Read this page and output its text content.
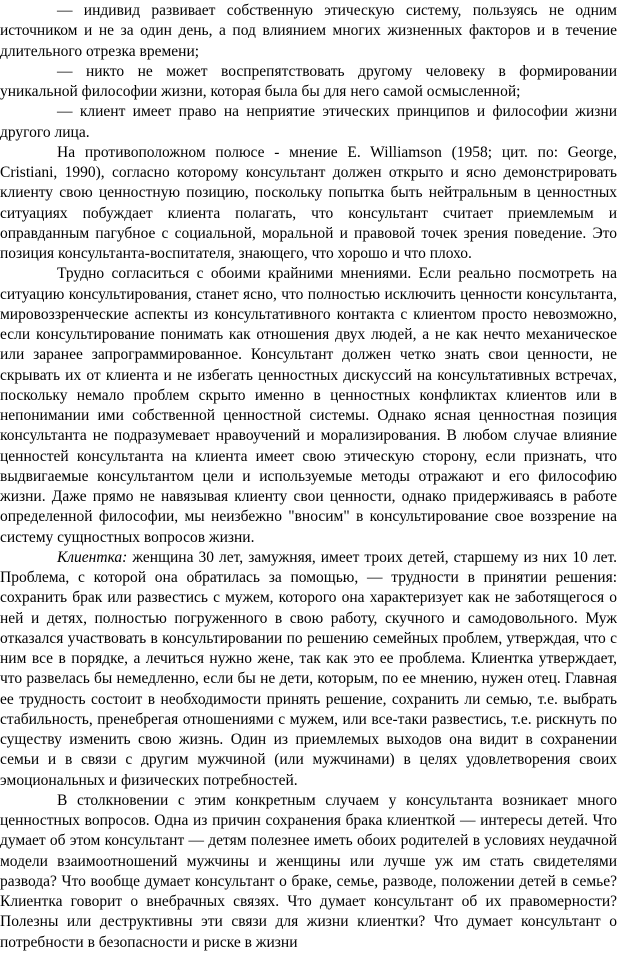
— индивид развивает собственную этическую систему, пользуясь не одним источником и не за один день, а под влиянием многих жизненных факторов и в течение длительного отрезка времени;

— никто не может воспрепятствовать другому человеку в формировании уникальной философии жизни, которая была бы для него самой осмысленной;

— клиент имеет право на неприятие этических принципов и философии жизни другого лица.

На противоположном полюсе - мнение E. Williamson (1958; цит. по: George, Cristiani, 1990), согласно которому консультант должен открыто и ясно демонстрировать клиенту свою ценностную позицию, поскольку попытка быть нейтральным в ценностных ситуациях побуждает клиента полагать, что консультант считает приемлемым и оправданным пагубное с социальной, моральной и правовой точек зрения поведение. Это позиция консультанта-воспитателя, знающего, что хорошо и что плохо.

Трудно согласиться с обоими крайними мнениями. Если реально посмотреть на ситуацию консультирования, станет ясно, что полностью исключить ценности консультанта, мировоззренческие аспекты из консультативного контакта с клиентом просто невозможно, если консультирование понимать как отношения двух людей, а не как нечто механическое или заранее запрограммированное. Консультант должен четко знать свои ценности, не скрывать их от клиента и не избегать ценностных дискуссий на консультативных встречах, поскольку немало проблем скрыто именно в ценностных конфликтах клиентов или в непонимании ими собственной ценностной системы. Однако ясная ценностная позиция консультанта не подразумевает нравоучений и морализирования. В любом случае влияние ценностей консультанта на клиента имеет свою этическую сторону, если признать, что выдвигаемые консультантом цели и используемые методы отражают и его философию жизни. Даже прямо не навязывая клиенту свои ценности, однако придерживаясь в работе определенной философии, мы неизбежно "вносим" в консультирование свое воззрение на систему сущностных вопросов жизни.

Клиентка: женщина 30 лет, замужняя, имеет троих детей, старшему из них 10 лет. Проблема, с которой она обратилась за помощью, — трудности в принятии решения: сохранить брак или развестись с мужем, которого она характеризует как не заботящегося о ней и детях, полностью погруженного в свою работу, скучного и самодовольного. Муж отказался участвовать в консультировании по решению семейных проблем, утверждая, что с ним все в порядке, а лечиться нужно жене, так как это ее проблема. Клиентка утверждает, что развелась бы немедленно, если бы не дети, которым, по ее мнению, нужен отец. Главная ее трудность состоит в необходимости принять решение, сохранить ли семью, т.е. выбрать стабильность, пренебрегая отношениями с мужем, или все-таки развестись, т.е. рискнуть по существу изменить свою жизнь. Один из приемлемых выходов она видит в сохранении семьи и в связи с другим мужчиной (или мужчинами) в целях удовлетворения своих эмоциональных и физических потребностей.

В столкновении с этим конкретным случаем у консультанта возникает много ценностных вопросов. Одна из причин сохранения брака клиенткой — интересы детей. Что думает об этом консультант — детям полезнее иметь обоих родителей в условиях неудачной модели взаимоотношений мужчины и женщины или лучше уж им стать свидетелями развода? Что вообще думает консультант о браке, семье, разводе, положении детей в семье? Клиентка говорит о внебрачных связях. Что думает консультант об их правомерности? Полезны или деструктивны эти связи для жизни клиентки? Что думает консультант о потребности в безопасности и риске в жизни
